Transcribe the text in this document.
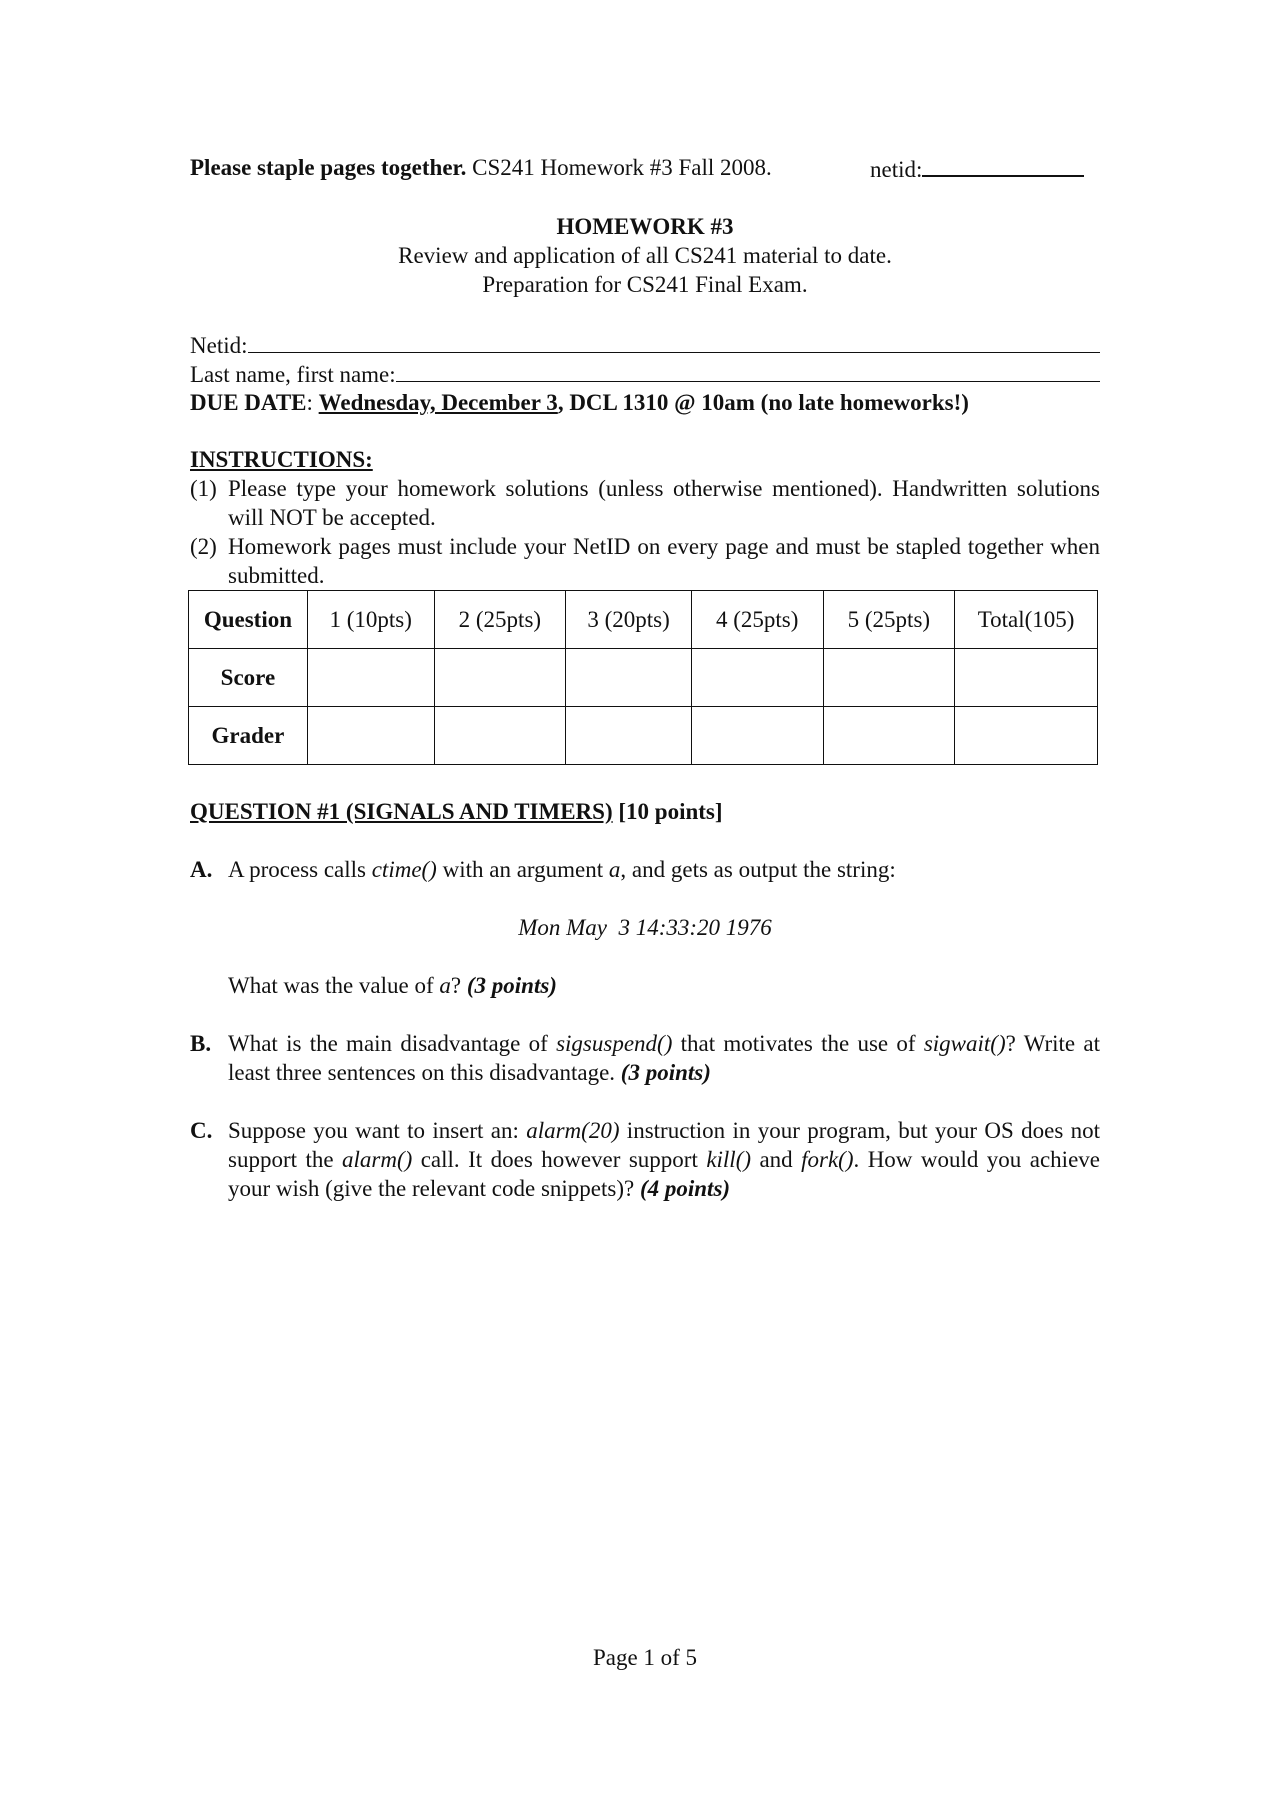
Please staple pages together. CS241 Homework #3 Fall 2008.	netid:
HOMEWORK #3
Review and application of all CS241 material to date.
Preparation for CS241 Final Exam.
Netid:
Last name, first name:
DUE DATE: Wednesday, December 3, DCL 1310 @ 10am (no late homeworks!)
INSTRUCTIONS:
(1) Please type your homework solutions (unless otherwise mentioned). Handwritten solutions will NOT be accepted.
(2) Homework pages must include your NetID on every page and must be stapled together when submitted.
Question	1 (10pts)	2 (25pts)	3 (20pts)	4 (25pts)	5 (25pts)	Total(105)
Score						
Grader						
QUESTION #1 (SIGNALS AND TIMERS) [10 points]
A. A process calls ctime() with an argument a, and gets as output the string:
Mon May  3 14:33:20 1976
What was the value of a? (3 points)
B. What is the main disadvantage of sigsuspend() that motivates the use of sigwait()? Write at least three sentences on this disadvantage. (3 points)
C. Suppose you want to insert an: alarm(20) instruction in your program, but your OS does not support the alarm() call. It does however support kill() and fork(). How would you achieve your wish (give the relevant code snippets)? (4 points)
Page 1 of 5
